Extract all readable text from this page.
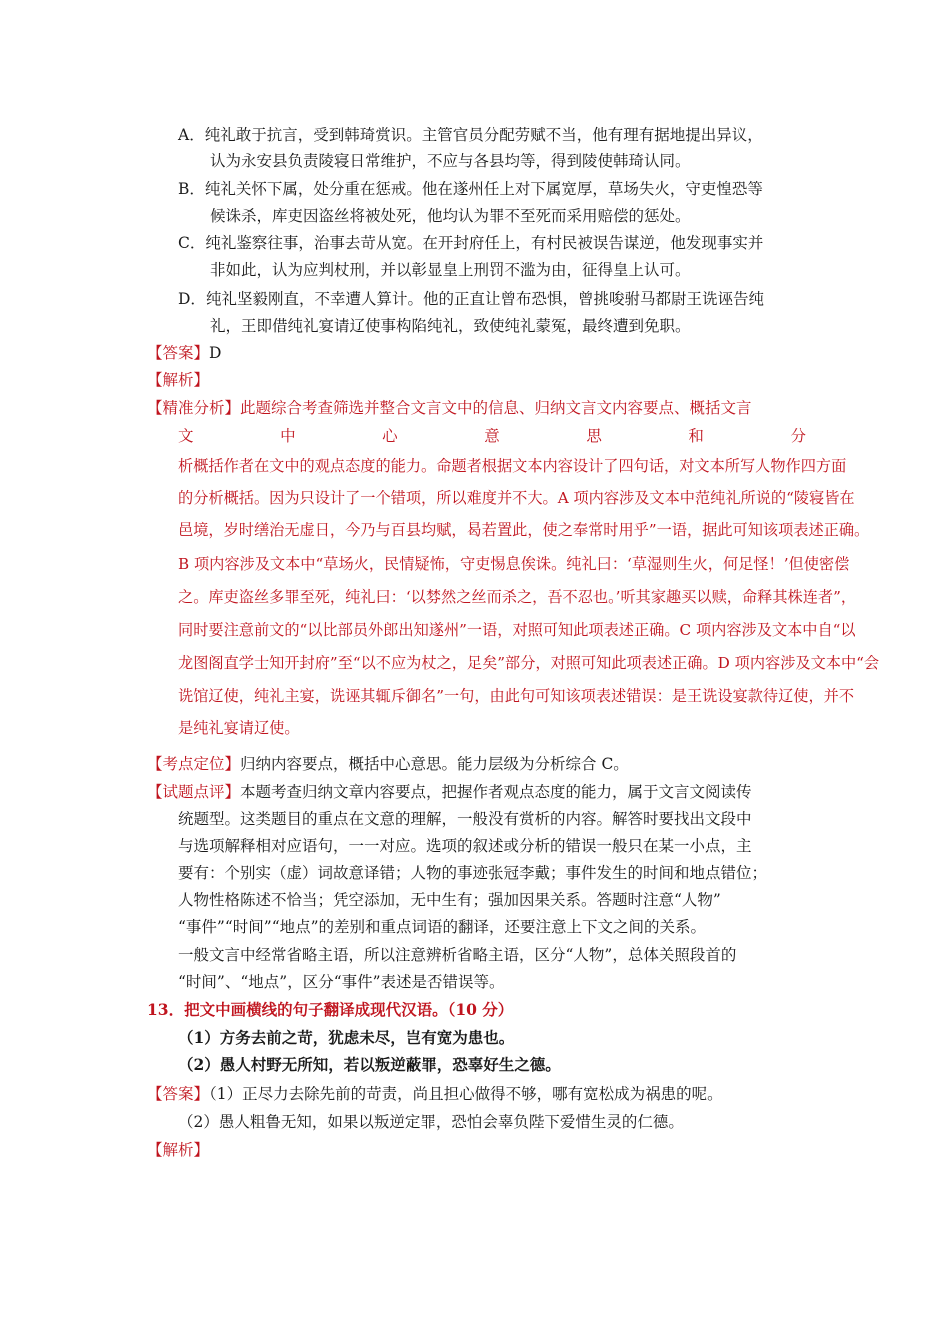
A．纯礼敢于抗言，受到韩琦赏识。主管官员分配劳赋不当，他有理有据地提出异议，
认为永安县负责陵寝日常维护，不应与各县均等，得到陵使韩琦认同。
B．纯礼关怀下属，处分重在惩戒。他在遂州任上对下属宽厚，草场失火，守吏惶恐等
候诛杀，库吏因盗丝将被处死，他均认为罪不至死而采用赔偿的惩处。
C．纯礼鉴察往事，治事去苛从宽。在开封府任上，有村民被误告谋逆，他发现事实并
非如此，认为应判杖刑，并以彰显皇上刑罚不滥为由，征得皇上认可。
D．纯礼坚毅刚直，不幸遭人算计。他的正直让曾布恐惧，曾挑唆驸马都尉王诜诬告纯
礼，王即借纯礼宴请辽使事构陷纯礼，致使纯礼蒙冤，最终遭到免职。
【答案】D
【解析】
【精准分析】此题综合考查筛选并整合文言文中的信息、归纳文言文内容要点、概括文言
文	中	心	意	思	和	分
析概括作者在文中的观点态度的能力。命题者根据文本内容设计了四句话，对文本所写人物作四方面
的分析概括。因为只设计了一个错项，所以难度并不大。A 项内容涉及文本中范纯礼所说的“陵寝皆在
邑境，岁时缮治无虚日，今乃与百县均赋，曷若置此，使之奉常时用乎”一语，据此可知该项表述正确。
B 项内容涉及文本中“草场火，民情疑怖，守吏惕息俟诛。纯礼曰：‘草湿则生火，何足怪！’但使密偿
之。库吏盗丝多罪至死，纯礼曰：‘以棼然之丝而杀之，吾不忍也。’听其家趣买以赎，命释其株连者”，
同时要注意前文的“以比部员外郎出知遂州”一语，对照可知此项表述正确。C 项内容涉及文本中自“以
龙图阁直学士知开封府”至“以不应为杖之，足矣”部分，对照可知此项表述正确。D 项内容涉及文本中“会
诜馆辽使，纯礼主宴，诜诬其辄斥御名”一句，由此句可知该项表述错误：是王诜设宴款待辽使，并不
是纯礼宴请辽使。
【考点定位】归纳内容要点，概括中心意思。能力层级为分析综合 C。
【试题点评】本题考查归纳文章内容要点，把握作者观点态度的能力，属于文言文阅读传
统题型。这类题目的重点在文意的理解，一般没有赏析的内容。解答时要找出文段中
与选项解释相对应语句，一一对应。选项的叙述或分析的错误一般只在某一小点，主
要有：个别实（虚）词故意译错；人物的事迹张冠李戴；事件发生的时间和地点错位；
人物性格陈述不恰当；凭空添加，无中生有；强加因果关系。答题时注意“人物”
“事件”“时间”“地点”的差别和重点词语的翻译，还要注意上下文之间的关系。
一般文言中经常省略主语，所以注意辨析省略主语，区分“人物”，总体关照段首的
“时间”、“地点”，区分“事件”表述是否错误等。
13．把文中画横线的句子翻译成现代汉语。（10 分）
（1）方务去前之苛，犹虑未尽，岂有宽为患也。
（2）愚人村野无所知，若以叛逆蔽罪，恐辜好生之德。
【答案】（1）正尽力去除先前的苛责，尚且担心做得不够，哪有宽松成为祸患的呢。
（2）愚人粗鲁无知，如果以叛逆定罪，恐怕会辜负陛下爱惜生灵的仁德。
【解析】
